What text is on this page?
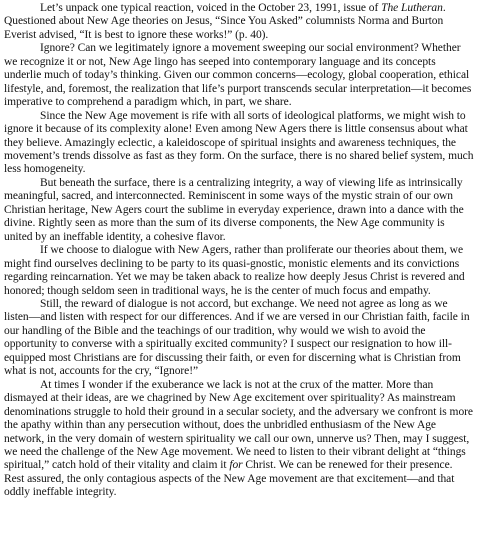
Let’s unpack one typical reaction, voiced in the October 23, 1991, issue of The Lutheran. Questioned about New Age theories on Jesus, “Since You Asked” columnists Norma and Burton Everist advised, “It is best to ignore these works!” (p. 40).

Ignore? Can we legitimately ignore a movement sweeping our social environment? Whether we recognize it or not, New Age lingo has seeped into contemporary language and its concepts underlie much of today’s thinking. Given our common concerns—ecology, global cooperation, ethical lifestyle, and, foremost, the realization that life’s purport transcends secular interpretation—it becomes imperative to comprehend a paradigm which, in part, we share.

Since the New Age movement is rife with all sorts of ideological platforms, we might wish to ignore it because of its complexity alone! Even among New Agers there is little consensus about what they believe. Amazingly eclectic, a kaleidoscope of spiritual insights and awareness techniques, the movement’s trends dissolve as fast as they form. On the surface, there is no shared belief system, much less homogeneity.

But beneath the surface, there is a centralizing integrity, a way of viewing life as intrinsically meaningful, sacred, and interconnected. Reminiscent in some ways of the mystic strain of our own Christian heritage, New Agers court the sublime in everyday experience, drawn into a dance with the divine. Rightly seen as more than the sum of its diverse components, the New Age community is united by an ineffable identity, a cohesive flavor.

If we choose to dialogue with New Agers, rather than proliferate our theories about them, we might find ourselves declining to be party to its quasi-gnostic, monistic elements and its convictions regarding reincarnation. Yet we may be taken aback to realize how deeply Jesus Christ is revered and honored; though seldom seen in traditional ways, he is the center of much focus and empathy.

Still, the reward of dialogue is not accord, but exchange. We need not agree as long as we listen—and listen with respect for our differences. And if we are versed in our Christian faith, facile in our handling of the Bible and the teachings of our tradition, why would we wish to avoid the opportunity to converse with a spiritually excited community? I suspect our resignation to how ill-equipped most Christians are for discussing their faith, or even for discerning what is Christian from what is not, accounts for the cry, “Ignore!”

At times I wonder if the exuberance we lack is not at the crux of the matter. More than dismayed at their ideas, are we chagrined by New Age excitement over spirituality? As mainstream denominations struggle to hold their ground in a secular society, and the adversary we confront is more the apathy within than any persecution without, does the unbridled enthusiasm of the New Age network, in the very domain of western spirituality we call our own, unnerve us? Then, may I suggest, we need the challenge of the New Age movement. We need to listen to their vibrant delight at “things spiritual,” catch hold of their vitality and claim it for Christ. We can be renewed for their presence. Rest assured, the only contagious aspects of the New Age movement are that excitement—and that oddly ineffable integrity.
